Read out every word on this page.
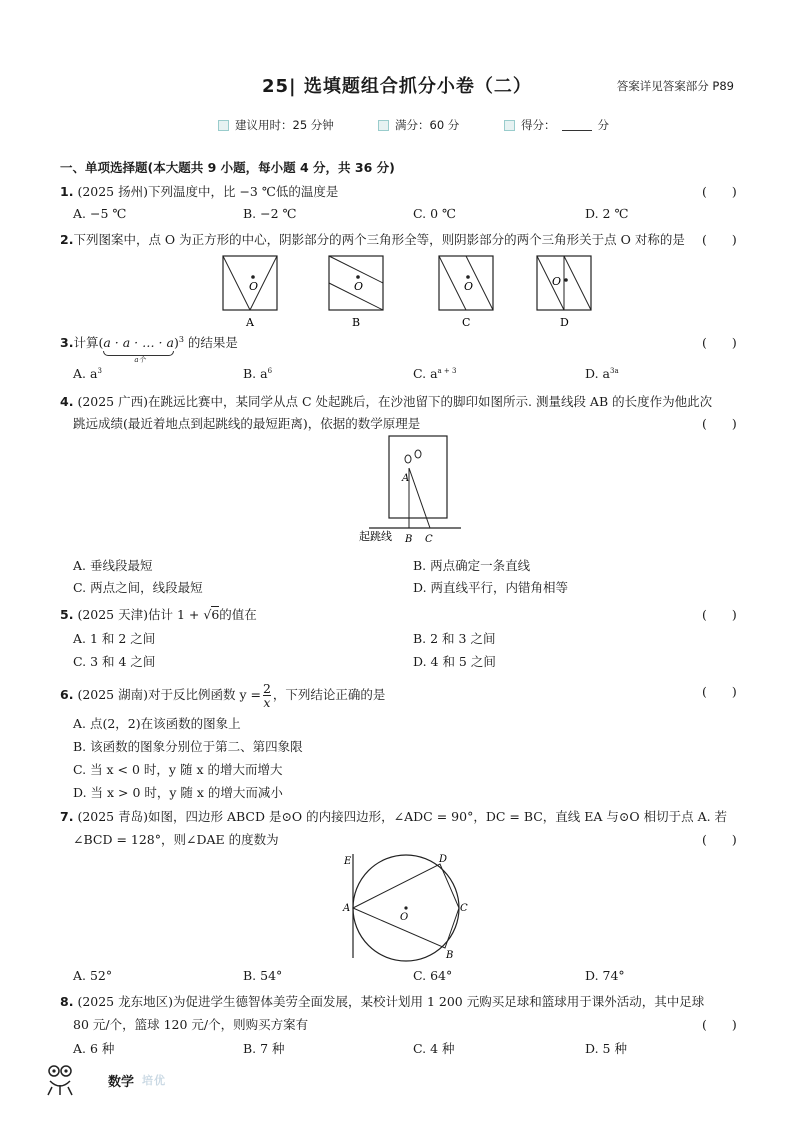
25| 选填题组合抓分小卷（二）	答案详见答案部分 P89
建议用时：25 分钟	满分：60 分	得分：	分
一、单项选择题(本大题共 9 小题，每小题 4 分，共 36 分)
1. (2025 扬州)下列温度中，比 −3 ℃低的温度是	(　　)
A. −5 ℃	B. −2 ℃	C. 0 ℃	D. 2 ℃
2.下列图案中，点 O 为正方形的中心，阴影部分的两个三角形全等，则阴影部分的两个三角形关于点 O 对称的是 (　　)
O
A
O
B
O
C
O
D
3.计算(a · a · … · a
a个
)$^3$ 的结果是	(　　)
A. $a^3$	B. $a^6$	C. $a^{a + 3}$	D. $a^{3a}$
4. (2025 广西)在跳远比赛中，某同学从点 C 处起跳后，在沙池留下的脚印如图所示. 测量线段 AB 的长度作为他此次
跳远成绩(最近着地点到起跳线的最短距离)，依据的数学原理是	(　　)
A
B C
起跳线
A. 垂线段最短	B. 两点确定一条直线
C. 两点之间，线段最短	D. 两直线平行，内错角相等
5. (2025 天津)估计 1 + √6的值在	(　　)
A. 1 和 2 之间	B. 2 和 3 之间
C. 3 和 4 之间	D. 4 和 5 之间
6. (2025 湖南)对于反比例函数 $y = \frac{2}{x}$ ，下列结论正确的是	(　　)
A. 点(2，2)在该函数的图象上
B. 该函数的图象分别位于第二、第四象限
C. 当 x < 0 时，y 随 x 的增大而增大
D. 当 x > 0 时，y 随 x 的增大而减小
7. (2025 青岛)如图，四边形 ABCD 是⊙O 的内接四边形，∠ADC = 90°，DC = BC，直线 EA 与⊙O 相切于点 A. 若
∠BCD = 128°，则∠DAE 的度数为	(　　)
E	D
A
O
C
B
A. 52°	B. 54°	C. 64°	D. 74°
8. (2025 龙东地区)为促进学生德智体美劳全面发展，某校计划用 1 200 元购买足球和篮球用于课外活动，其中足球
80 元/个，篮球 120 元/个，则购买方案有	(　　)
A. 6 种	B. 7 种	C. 4 种	D. 5 种
数学 培优
